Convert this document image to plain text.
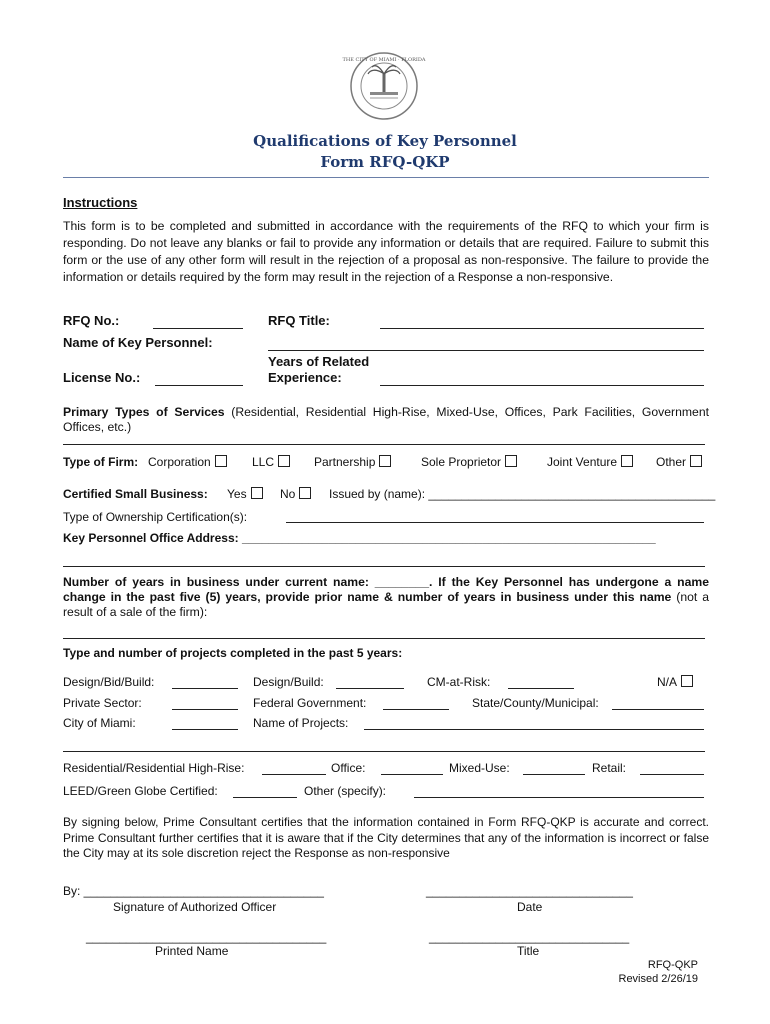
THE CITY OF MIAMI · FLORIDA
Qualifications of Key Personnel
Form RFQ-QKP
Instructions
This form is to be completed and submitted in accordance with the requirements of the RFQ to which your firm is responding. Do not leave any blanks or fail to provide any information or details that are required. Failure to submit this form or the use of any other form will result in the rejection of a proposal as non-responsive. The failure to provide the information or details required by the form may result in the rejection of a Response a non-responsive.
RFQ No.:	RFQ Title:
Name of Key Personnel:
Years of Related
Experience:
License No.:
Primary Types of Services (Residential, Residential High-Rise, Mixed-Use, Offices, Park Facilities, Government Offices, etc.)
Type of Firm: Corporation	LLC	Partnership	Sole Proprietor	Joint Venture	Other
Certified Small Business: Yes	No	Issued by (name): ___________________________________________
Type of Ownership Certification(s):
Key Personnel Office Address: ______________________________________________________________
Number of years in business under current name: ________. If the Key Personnel has undergone a name change in the past five (5) years, provide prior name & number of years in business under this name (not a result of a sale of the firm):
Type and number of projects completed in the past 5 years:
Design/Bid/Build:	Design/Build:	CM-at-Risk:	N/A
Private Sector:	Federal Government:	State/County/Municipal:
City of Miami:	Name of Projects:
Residential/Residential High-Rise:	Office:	Mixed-Use:	Retail:
LEED/Green Globe Certified:	Other (specify):
By signing below, Prime Consultant certifies that the information contained in Form RFQ-QKP is accurate and correct. Prime Consultant further certifies that it is aware that if the City determines that any of the information is incorrect or false the City may at its sole discretion reject the Response as non-responsive
By: ____________________________________	_______________________________
Signature of Authorized Officer	Date
____________________________________	______________________________
Printed Name	Title
RFQ-QKP
Revised 2/26/19
